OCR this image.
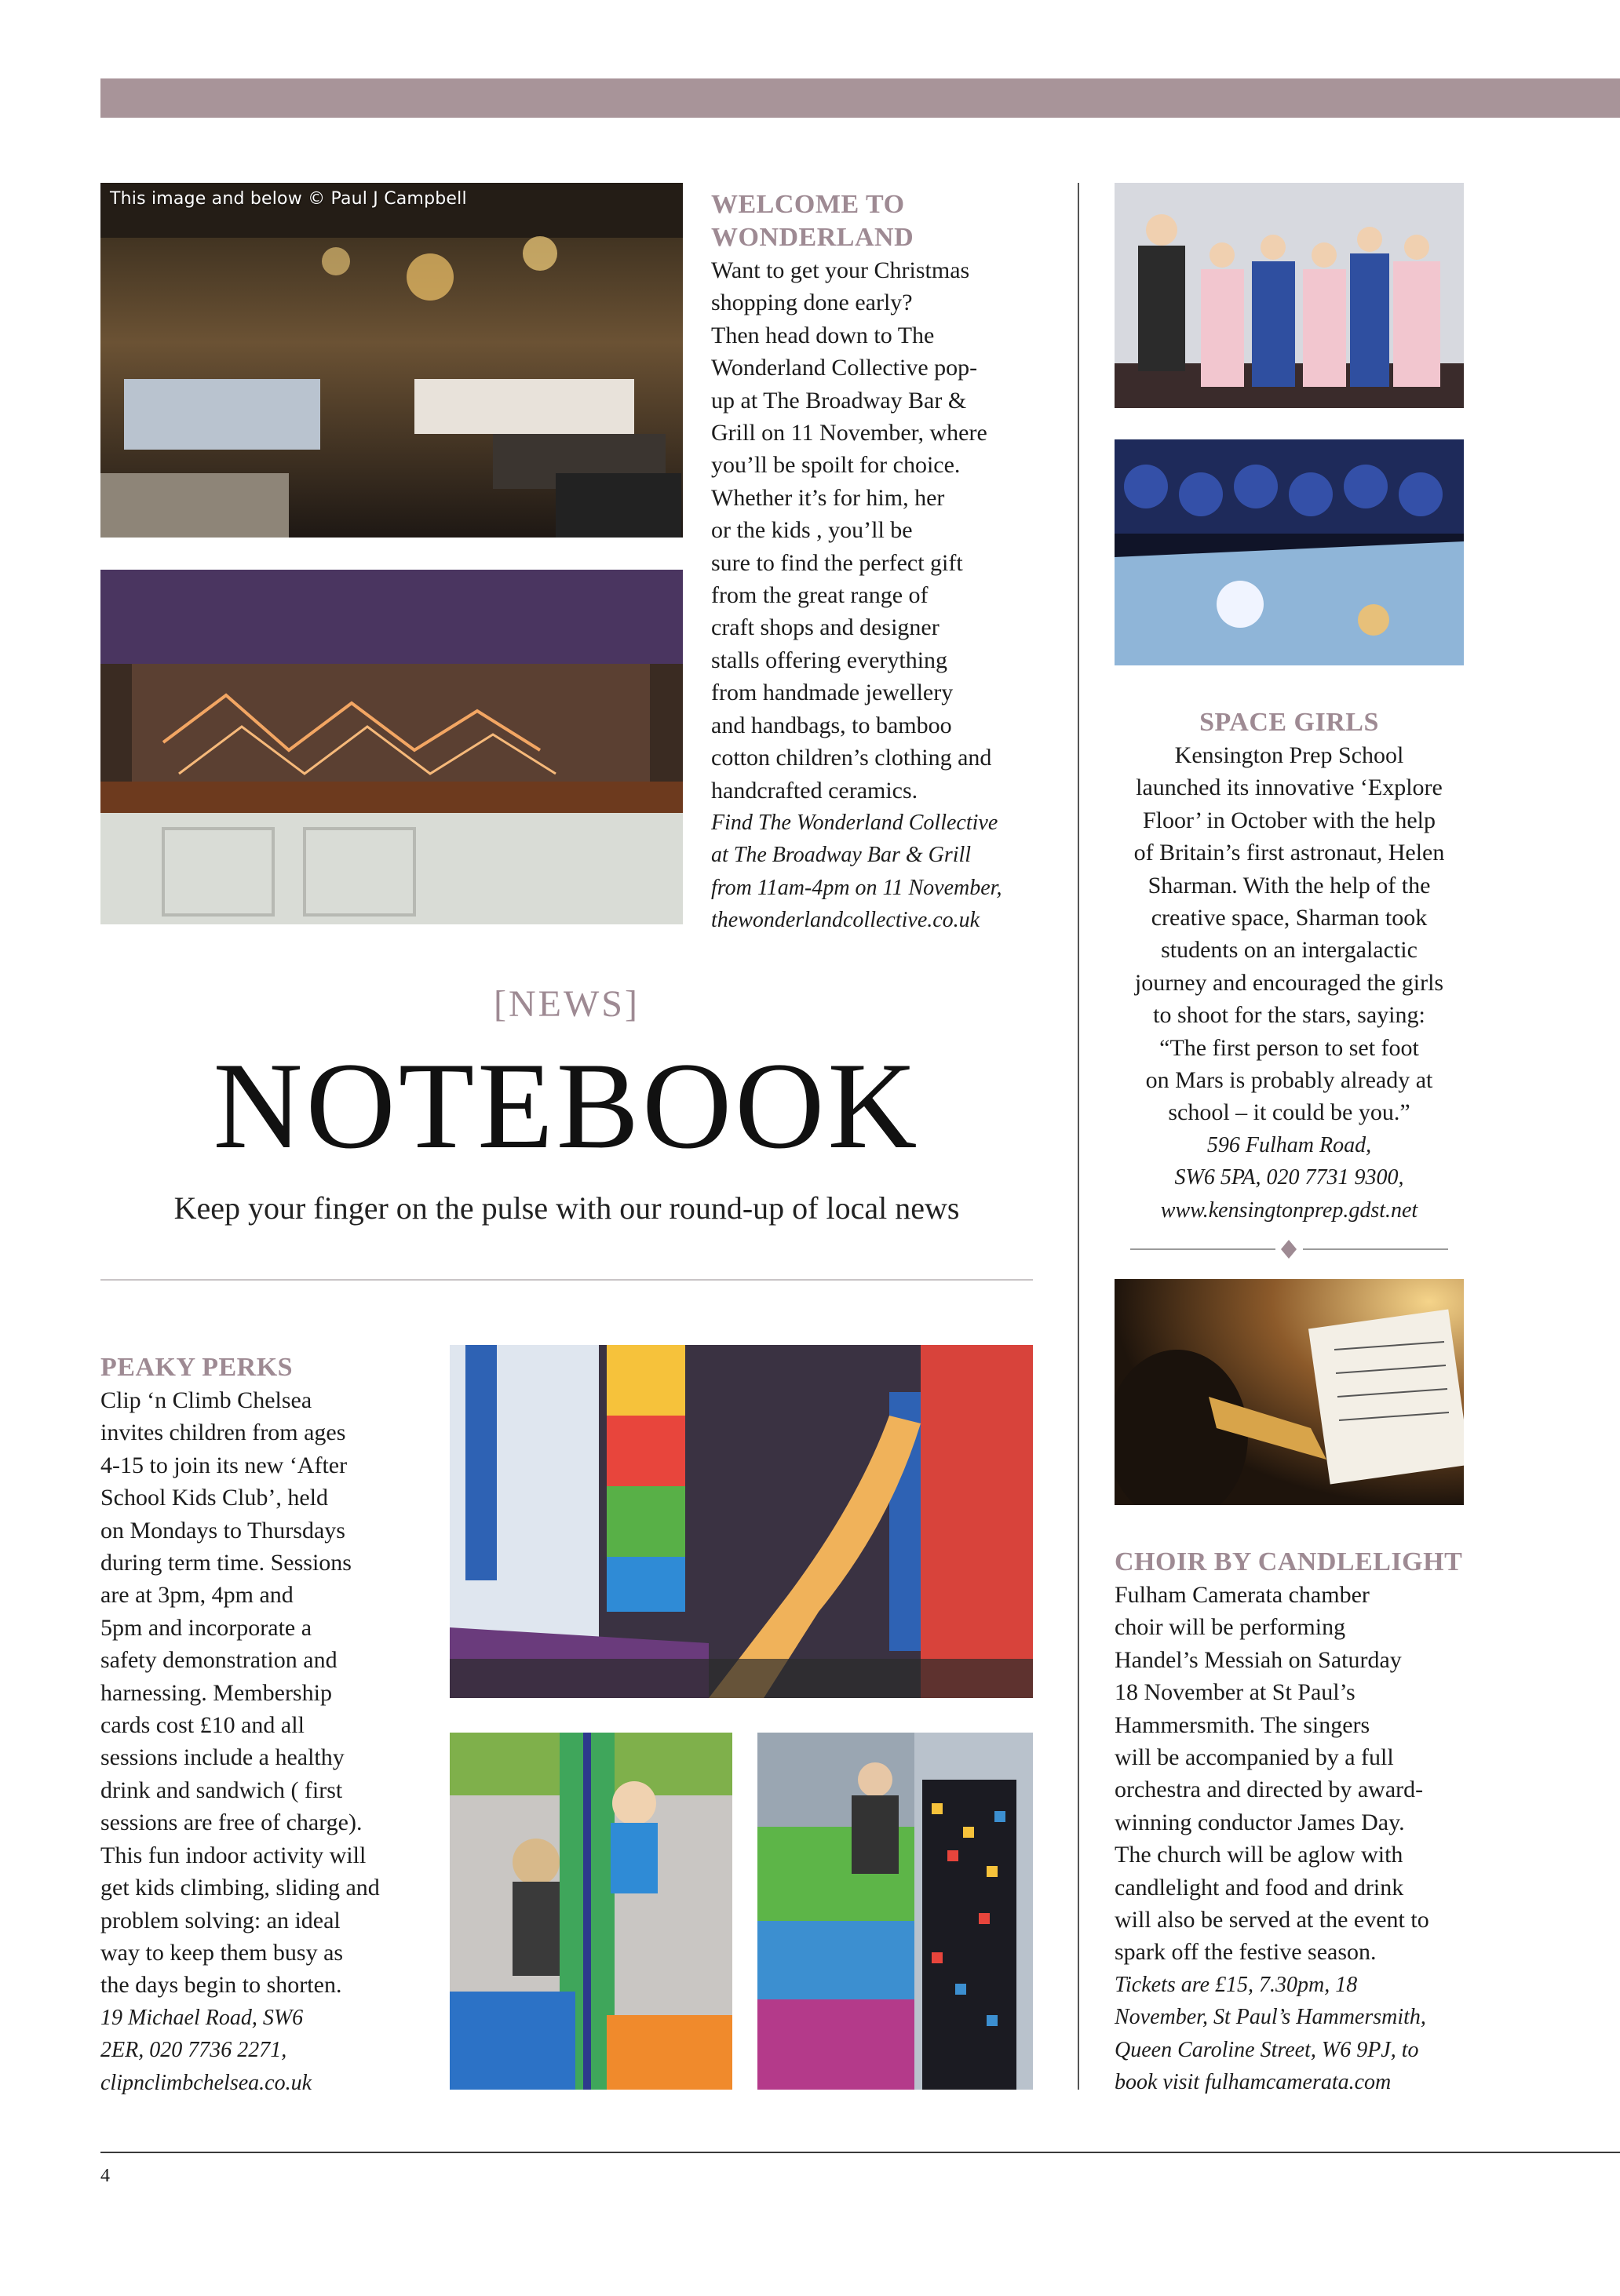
This image and below © Paul J Campbell	WELCOME TO
WONDERLAND

Want to get your Christmas
shopping done early?
Then head down to The
Wonderland Collective pop-
up at The Broadway Bar &
Grill on 11 November, where
you’ll be spoilt for choice.
Whether it’s for him, her
or the kids , you’ll be
sure to find the perfect gift
from the great range of
craft shops and designer
stalls offering everything
from handmade jewellery
and handbags, to bamboo
cotton children’s clothing and
handcrafted ceramics.

Find The Wonderland Collective
at The Broadway Bar & Grill
from 11am-4pm on 11 November,
thewonderlandcollective.co.uk

[NEWS]
NOTEBOOK
Keep your finger on the pulse with our round-up of local news
PEAKY PERKS

Clip ‘n Climb Chelsea
invites children from ages
4-15 to join its new ‘After
School Kids Club’, held
on Mondays to Thursdays
during term time. Sessions
are at 3pm, 4pm and
5pm and incorporate a
safety demonstration and
harnessing. Membership
cards cost £10 and all
sessions include a healthy
drink and sandwich ( first
sessions are free of charge).
This fun indoor activity will
get kids climbing, sliding and
problem solving: an ideal
way to keep them busy as
the days begin to shorten.

19 Michael Road, SW6
2ER, 020 7736 2271,
clipnclimbchelsea.co.uk

SPACE GIRLS

Kensington Prep School
launched its innovative ‘Explore
Floor’ in October with the help
of Britain’s first astronaut, Helen
Sharman. With the help of the
creative space, Sharman took
students on an intergalactic
journey and encouraged the girls
to shoot for the stars, saying:
“The first person to set foot
on Mars is probably already at
school – it could be you.”

596 Fulham Road,
SW6 5PA, 020 7731 9300,
www.kensingtonprep.gdst.net

CHOIR BY CANDLELIGHT

Fulham Camerata chamber
choir will be performing
Handel’s Messiah on Saturday
18 November at St Paul’s
Hammersmith. The singers
will be accompanied by a full
orchestra and directed by award-
winning conductor James Day.
The church will be aglow with
candlelight and food and drink
will also be served at the event to
spark off the festive season.

Tickets are £15, 7.30pm, 18
November, St Paul’s Hammersmith,
Queen Caroline Street, W6 9PJ, to
book visit fulhamcamerata.com

4
